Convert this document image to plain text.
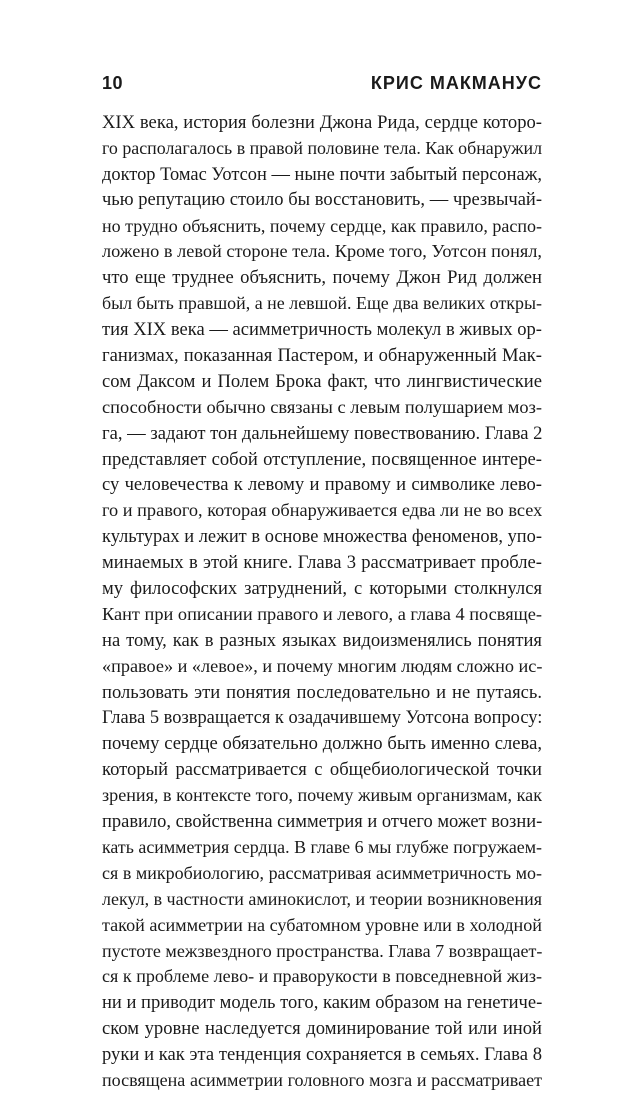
10	КРИС МАКМАНУС
XIX века, история болезни Джона Рида, сердце которо-
го располагалось в правой половине тела. Как обнаружил
доктор Томас Уотсон — ныне почти забытый персонаж,
чью репутацию стоило бы восстановить, — чрезвычай-
но трудно объяснить, почему сердце, как правило, распо-
ложено в левой стороне тела. Кроме того, Уотсон понял,
что еще труднее объяснить, почему Джон Рид должен
был быть правшой, а не левшой. Еще два великих откры-
тия XIX века — асимметричность молекул в живых ор-
ганизмах, показанная Пастером, и обнаруженный Мак-
сом Даксом и Полем Брока факт, что лингвистические
способности обычно связаны с левым полушарием моз-
га, — задают тон дальнейшему повествованию. Глава 2
представляет собой отступление, посвященное интере-
су человечества к левому и правому и символике лево-
го и правого, которая обнаруживается едва ли не во всех
культурах и лежит в основе множества феноменов, упо-
минаемых в этой книге. Глава 3 рассматривает пробле-
му философских затруднений, с которыми столкнулся
Кант при описании правого и левого, а глава 4 посвяще-
на тому, как в разных языках видоизменялись понятия
«правое» и «левое», и почему многим людям сложно ис-
пользовать эти понятия последовательно и не путаясь.
Глава 5 возвращается к озадачившему Уотсона вопросу:
почему сердце обязательно должно быть именно слева,
который рассматривается с общебиологической точки
зрения, в контексте того, почему живым организмам, как
правило, свойственна симметрия и отчего может возни-
кать асимметрия сердца. В главе 6 мы глубже погружаем-
ся в микробиологию, рассматривая асимметричность мо-
лекул, в частности аминокислот, и теории возникновения
такой асимметрии на субатомном уровне или в холодной
пустоте межзвездного пространства. Глава 7 возвращает-
ся к проблеме лево- и праворукости в повседневной жиз-
ни и приводит модель того, каким образом на генетиче-
ском уровне наследуется доминирование той или иной
руки и как эта тенденция сохраняется в семьях. Глава 8
посвящена асимметрии головного мозга и рассматривает
